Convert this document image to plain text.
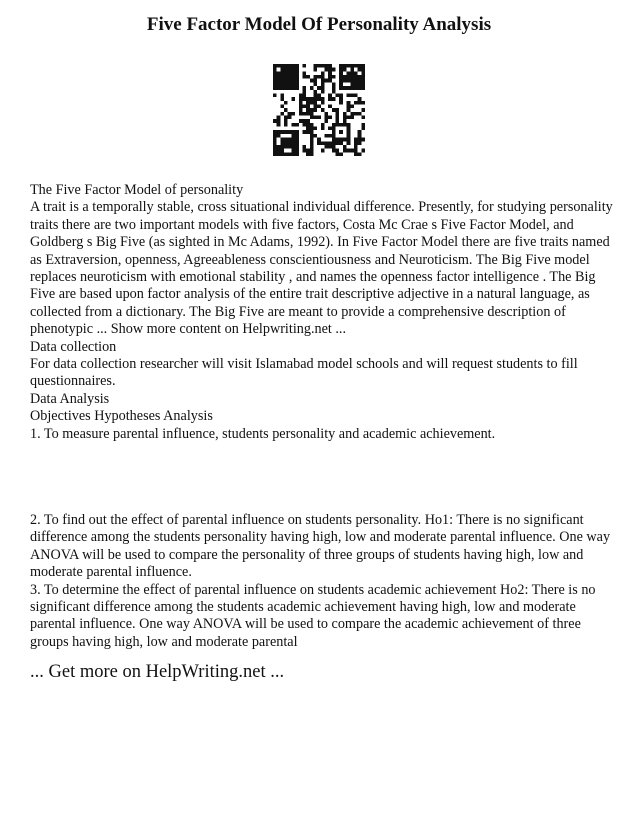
Five Factor Model Of Personality Analysis
The Five Factor Model of personality
A trait is a temporally stable, cross situational individual difference. Presently, for studying personality traits there are two important models with five factors, Costa Mc Crae s Five Factor Model, and Goldberg s Big Five (as sighted in Mc Adams, 1992). In Five Factor Model there are five traits named as Extraversion, openness, Agreeableness conscientiousness and Neuroticism. The Big Five model replaces neuroticism with emotional stability , and names the openness factor intelligence . The Big Five are based upon factor analysis of the entire trait descriptive adjective in a natural language, as collected from a dictionary. The Big Five are meant to provide a comprehensive description of phenotypic ... Show more content on Helpwriting.net ...
Data collection
For data collection researcher will visit Islamabad model schools and will request students to fill questionnaires.
Data Analysis
Objectives Hypotheses Analysis
1. To measure parental influence, students personality and academic achievement.
2. To find out the effect of parental influence on students personality. Ho1: There is no significant difference among the students personality having high, low and moderate parental influence. One way ANOVA will be used to compare the personality of three groups of students having high, low and moderate parental influence.
3. To determine the effect of parental influence on students academic achievement Ho2: There is no significant difference among the students academic achievement having high, low and moderate parental influence. One way ANOVA will be used to compare the academic achievement of three groups having high, low and moderate parental
... Get more on HelpWriting.net ...
